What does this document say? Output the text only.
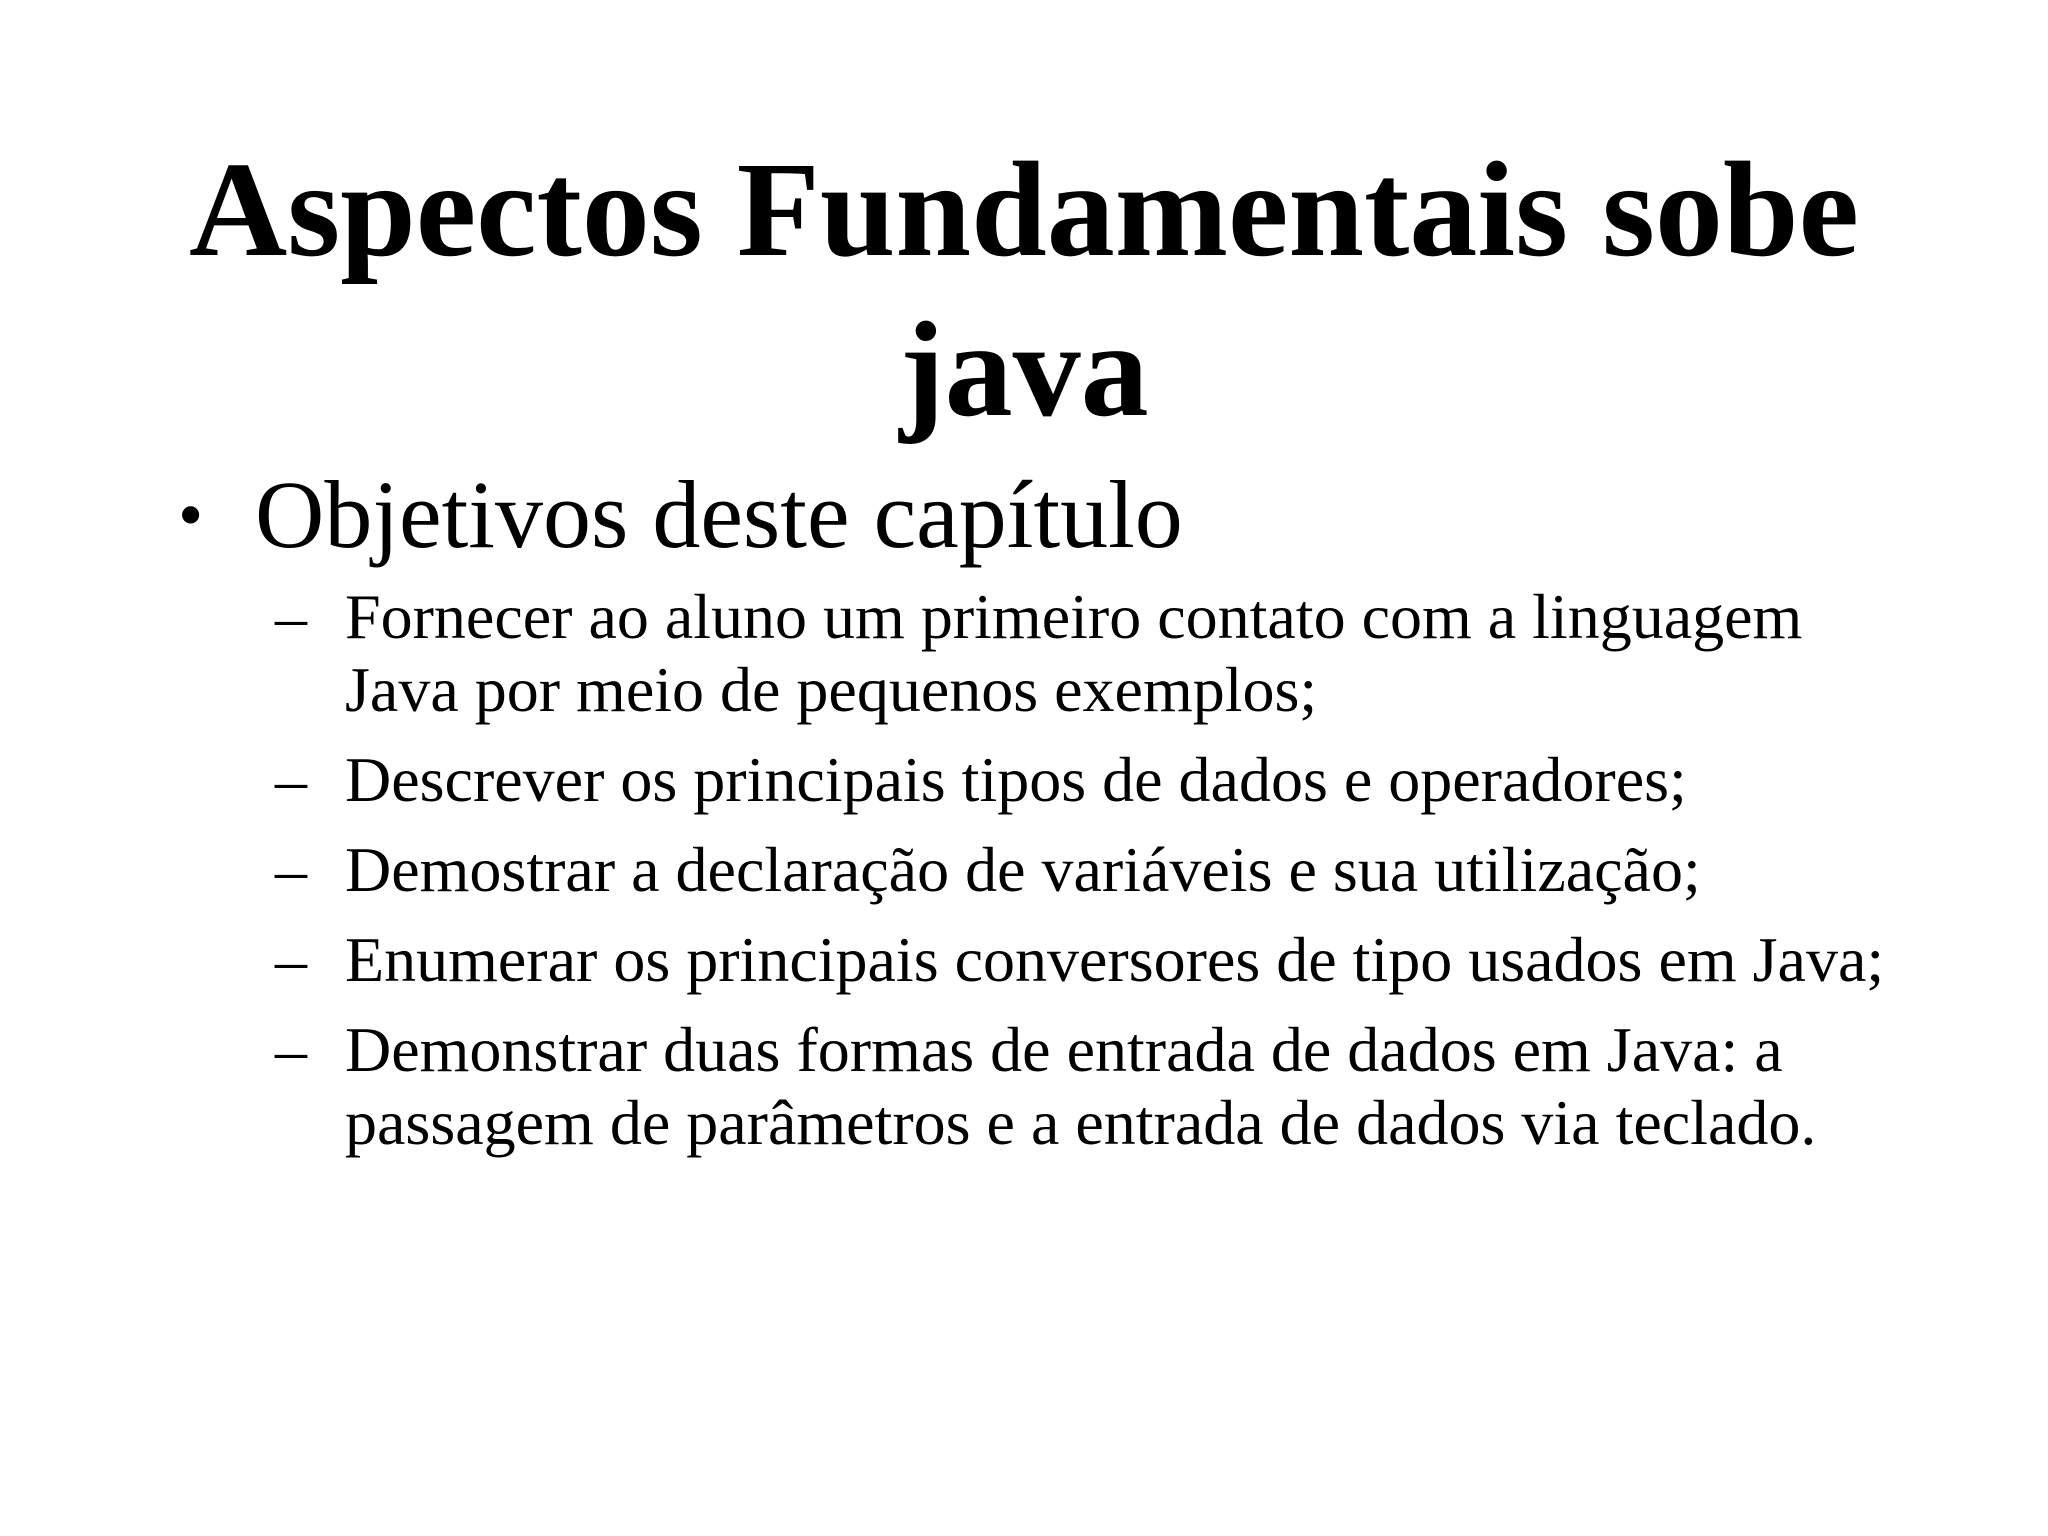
Aspectos Fundamentais sobe java
• Objetivos deste capítulo
– Fornecer ao aluno um primeiro contato com a linguagem Java por meio de pequenos exemplos;
– Descrever os principais tipos de dados e operadores;
– Demostrar a declaração de variáveis e sua utilização;
– Enumerar os principais conversores de tipo usados em Java;
– Demonstrar duas formas de entrada de dados em Java: a passagem de parâmetros e a entrada de dados via teclado.
